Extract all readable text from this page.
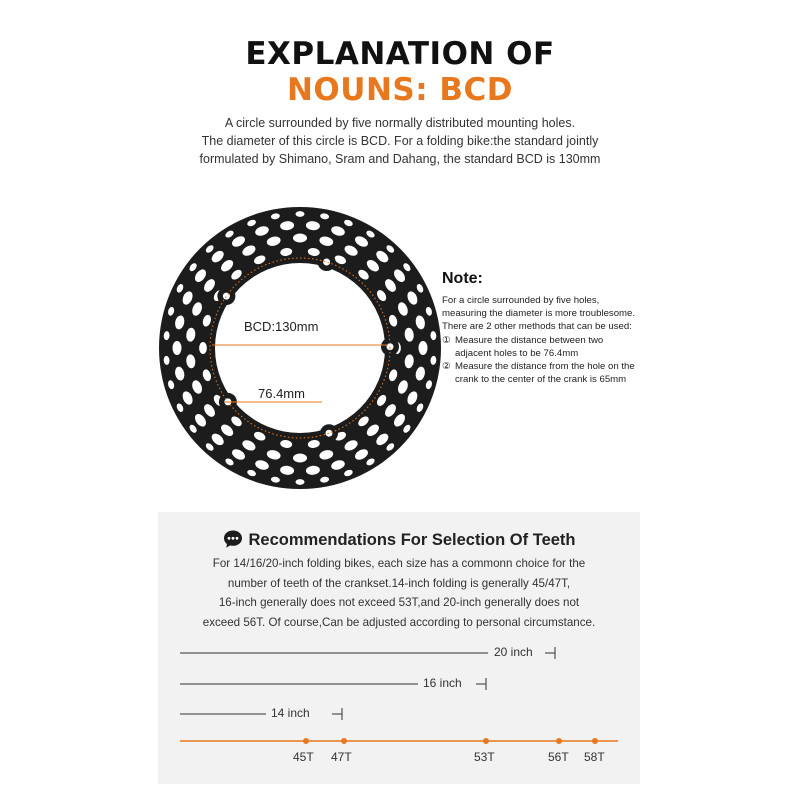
EXPLANATION OF
NOUNS: BCD
A circle surrounded by five normally distributed mounting holes.
The diameter of this circle is BCD. For a folding bike:the standard jointly
formulated by Shimano, Sram and Dahang, the standard BCD is 130mm
BCD:130mm
76.4mm
Note:
For a circle surrounded by five holes,
measuring the diameter is more troublesome.
There are 2 other methods that can be used:
① Measure the distance between two
adjacent holes to be 76.4mm
② Measure the distance from the hole on the
crank to the center of the crank is 65mm
Recommendations For Selection Of Teeth
For 14/16/20-inch folding bikes, each size has a commonn choice for the
number of teeth of the crankset.14-inch folding is generally 45/47T,
16-inch generally does not exceed 53T,and 20-inch generally does not
exceed 56T. Of course,Can be adjusted according to personal circumstance.
20 inch
16 inch
14 inch
45T 47T	53T	56T 58T
